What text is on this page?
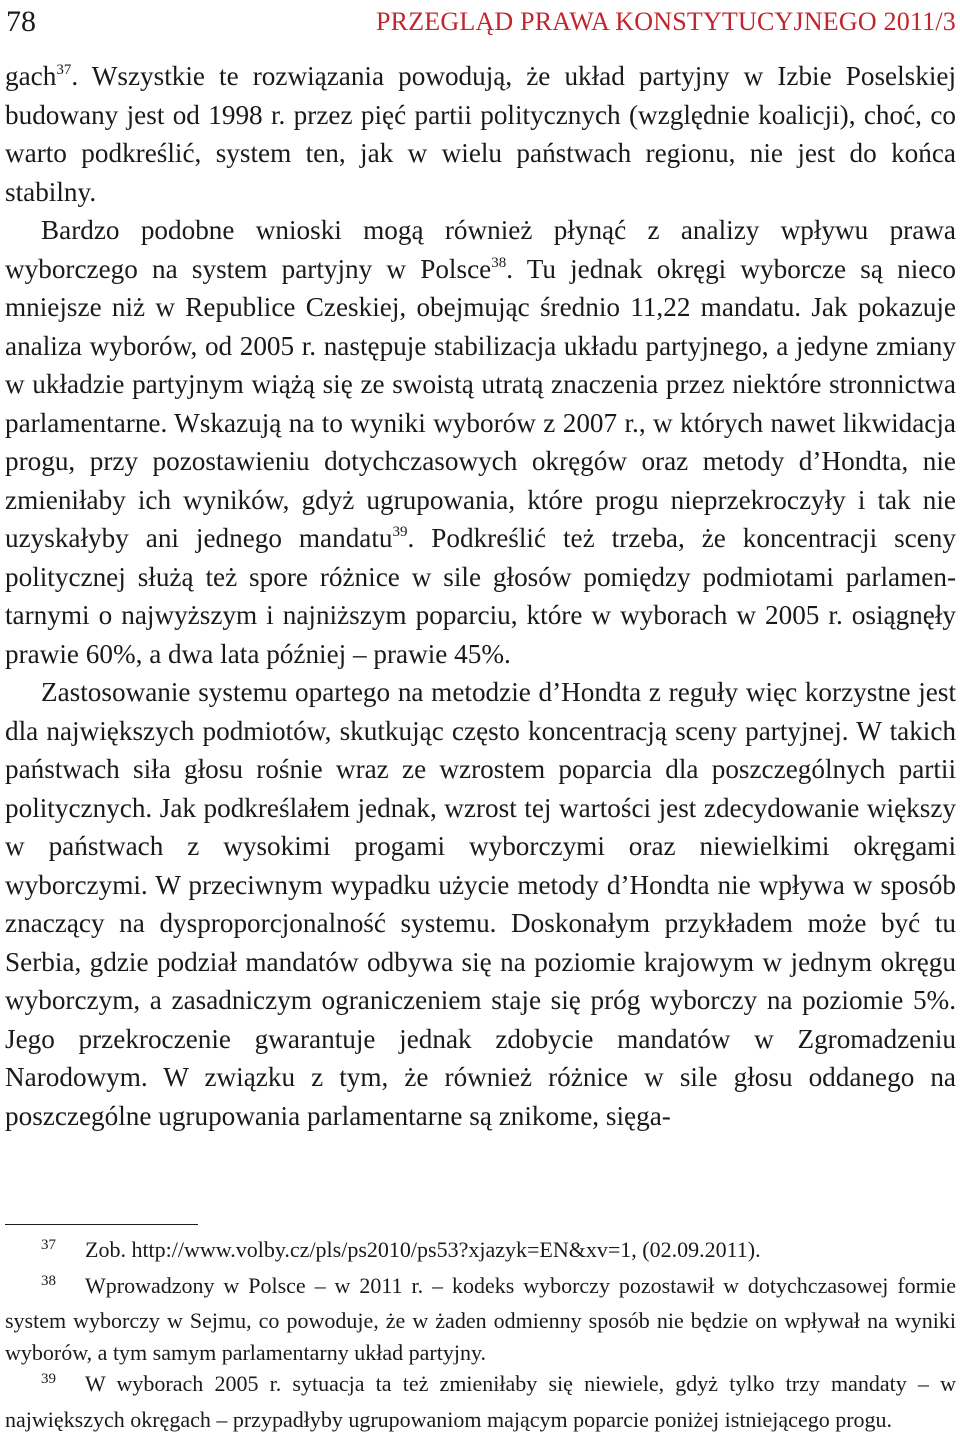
78	PRZEGLĄD PRAWA KONSTYTUCYJNEGO 2011/3

gach$^{37}$. Wszystkie te rozwiązania powodują, że układ partyjny w Izbie Poselskiej budowany jest od 1998 r. przez pięć partii politycznych (względnie koalicji), choć, co warto podkreślić, system ten, jak w wielu państwach regionu, nie jest do końca stabilny.

Bardzo podobne wnioski mogą również płynąć z analizy wpływu prawa wyborczego na system partyjny w Polsce$^{38}$. Tu jednak okręgi wyborcze są nieco mniejsze niż w Republice Czeskiej, obejmując średnio 11,22 mandatu. Jak pokazuje analiza wyborów, od 2005 r. następuje stabilizacja układu partyjnego, a jedyne zmiany w układzie partyjnym wiążą się ze swoistą utratą znaczenia przez niektóre stronnictwa parlamentarne. Wskazują na to wyniki wyborów z 2007 r., w których nawet likwidacja progu, przy pozostawieniu dotychczasowych okręgów oraz metody d’Hondta, nie zmieniłaby ich wyników, gdyż ugrupowania, które progu nieprzekroczyły i tak nie uzyskałyby ani jednego mandatu$^{39}$. Podkreślić też trzeba, że koncentracji sceny politycznej służą też spore różnice w sile głosów pomiędzy podmiotami parlamentarnymi o najwyższym i najniższym poparciu, które w wyborach w 2005 r. osiągnęły prawie 60%, a dwa lata później – prawie 45%.

Zastosowanie systemu opartego na metodzie d’Hondta z reguły więc korzystne jest dla największych podmiotów, skutkując często koncentracją sceny partyjnej. W takich państwach siła głosu rośnie wraz ze wzrostem poparcia dla poszczególnych partii politycznych. Jak podkreślałem jednak, wzrost tej wartości jest zdecydowanie większy w państwach z wysokimi progami wyborczymi oraz niewielkimi okręgami wyborczymi. W przeciwnym wypadku użycie metody d’Hondta nie wpływa w sposób znaczący na dysproporcjonalność systemu. Doskonałym przykładem może być tu Serbia, gdzie podział mandatów odbywa się na poziomie krajowym w jednym okręgu wyborczym, a zasadniczym ograniczeniem staje się próg wyborczy na poziomie 5%. Jego przekroczenie gwarantuje jednak zdobycie mandatów w Zgromadzeniu Narodowym. W związku z tym, że również różnice w sile głosu oddanego na poszczególne ugrupowania parlamentarne są znikome, sięga-

37 Zob. http://www.volby.cz/pls/ps2010/ps53?xjazyk=EN&xv=1, (02.09.2011).

38 Wprowadzony w Polsce – w 2011 r. – kodeks wyborczy pozostawił w dotychczasowej formie system wyborczy w Sejmu, co powoduje, że w żaden odmienny sposób nie będzie on wpływał na wyniki wyborów, a tym samym parlamentarny układ partyjny.

39 W wyborach 2005 r. sytuacja ta też zmieniłaby się niewiele, gdyż tylko trzy mandaty – w największych okręgach – przypadłyby ugrupowaniom mającym poparcie poniżej istniejącego progu.
